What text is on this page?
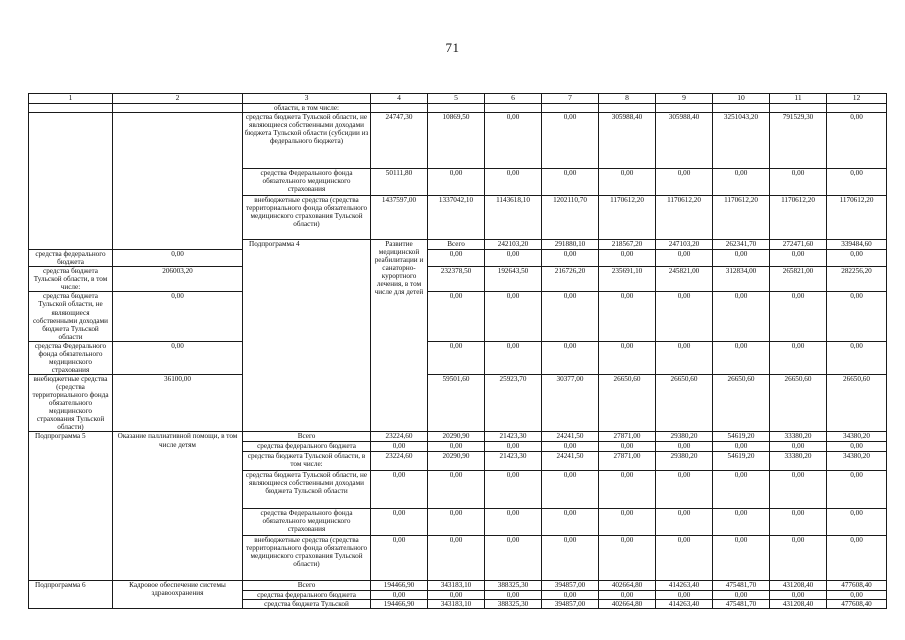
71
1	2	3	4	5	6	7	8	9	10	11	12	
		области, в том числе:										
		средства бюджета Тульской области, не являющиеся собственными доходами бюджета Тульской области (субсидии из федерального бюджета)	24747,30	10869,50	0,00	0,00	305988,40	305988,40	3251043,20	791529,30	0,00	
		средства Федерального фонда обязательного медицинского страхования	50111,80	0,00	0,00	0,00	0,00	0,00	0,00	0,00	0,00	
		внебюджетные средства (средства территориального фонда обязательного медицинского страхования Тульской области)	1437597,00	1337042,10	1143618,10	1202110,70	1170612,20	1170612,20	1170612,20	1170612,20	1170612,20	
		Подпрограмма 4	Развитие медицинской реабилитации и санаторно-курортного лечения, в том числе для детей	Всего	242103,20	291880,10	218567,20	247103,20	262341,70	272471,60	339484,60		
средства федерального бюджета	0,00			0,00	0,00	0,00	0,00	0,00	0,00	0,00	0,00	
средства бюджета Тульской области, в том числе:	206003,20			232378,50	192643,50	216726,20	235691,10	245821,00	312834,00	265821,00	282256,20	
средства бюджета Тульской области, не являющиеся собственными доходами бюджета Тульской области	0,00			0,00	0,00	0,00	0,00	0,00	0,00	0,00	0,00	
средства Федерального фонда обязательного медицинского страхования	0,00			0,00	0,00	0,00	0,00	0,00	0,00	0,00	0,00	
внебюджетные средства (средства территориального фонда обязательного медицинского страхования Тульской области)	36100,00			59501,60	25923,70	30377,00	26650,60	26650,60	26650,60	26650,60	26650,60	
Подпрограмма 5	Оказание паллиативной помощи, в том числе детям	Всего	23224,60	20290,90	21423,30	24241,50	27871,00	29380,20	54619,20	33380,20	34380,20	
		средства федерального бюджета	0,00	0,00	0,00	0,00	0,00	0,00	0,00	0,00	0,00	
		средства бюджета Тульской области, в том числе:	23224,60	20290,90	21423,30	24241,50	27871,00	29380,20	54619,20	33380,20	34380,20	
		средства бюджета Тульской области, не являющиеся собственными доходами бюджета Тульской области	0,00	0,00	0,00	0,00	0,00	0,00	0,00	0,00	0,00	
		средства Федерального фонда обязательного медицинского страхования	0,00	0,00	0,00	0,00	0,00	0,00	0,00	0,00	0,00	
		внебюджетные средства (средства территориального фонда обязательного медицинского страхования Тульской области)	0,00	0,00	0,00	0,00	0,00	0,00	0,00	0,00	0,00	
Подпрограмма 6	Кадровое обеспечение системы здравоохранения	Всего	194466,90	343183,10	388325,30	394857,00	402664,80	414263,40	475481,70	431208,40	477608,40	
		средства федерального бюджета	0,00	0,00	0,00	0,00	0,00	0,00	0,00	0,00	0,00	
		средства бюджета Тульской	194466,90	343183,10	388325,30	394857,00	402664,80	414263,40	475481,70	431208,40	477608,40	
